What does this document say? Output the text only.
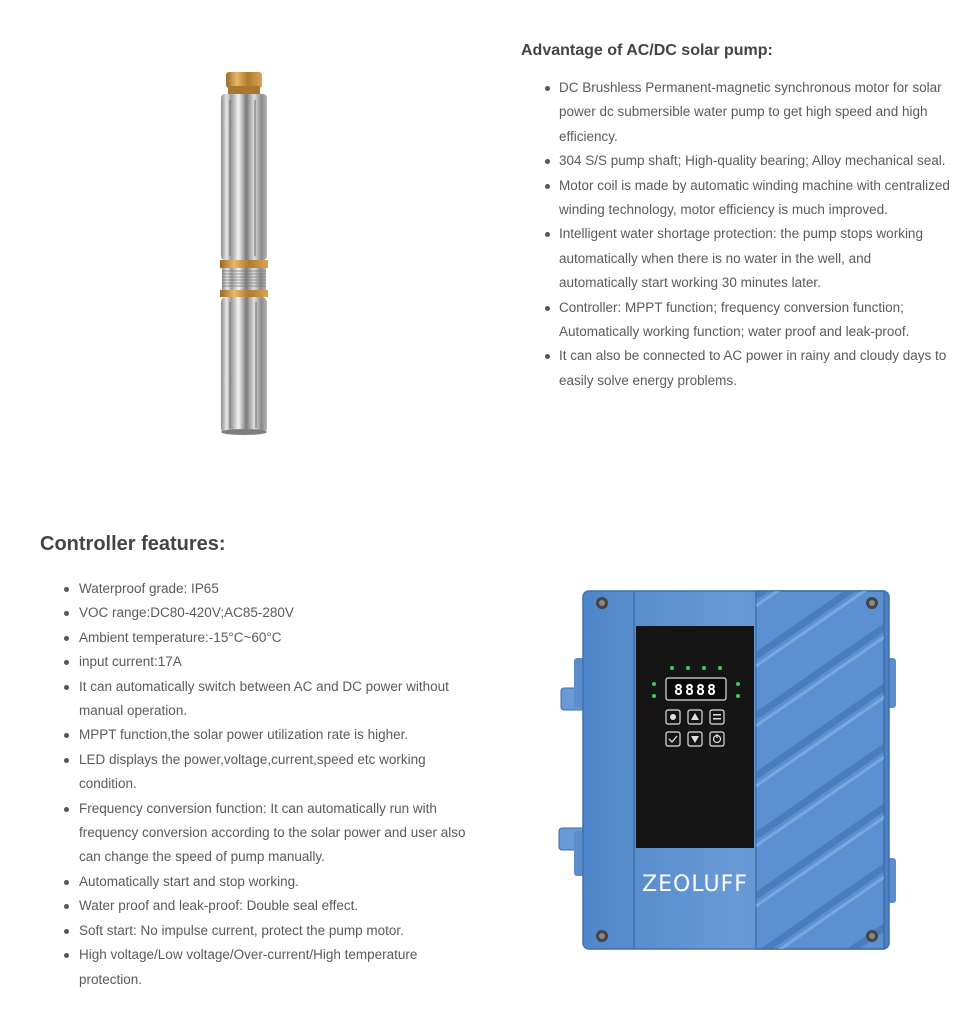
Advantage of AC/DC solar pump:
DC Brushless Permanent-magnetic synchronous motor for solar power dc submersible water pump to get high speed and high efficiency.
304 S/S pump shaft; High-quality bearing; Alloy mechanical seal.
Motor coil is made by automatic winding machine with centralized winding technology, motor efficiency is much improved.
Intelligent water shortage protection: the pump stops working automatically when there is no water in the well, and automatically start working 30 minutes later.
Controller: MPPT function; frequency conversion function; Automatically working function; water proof and leak-proof.
It can also be connected to AC power in rainy and cloudy days to easily solve energy problems.
Controller features:
Waterproof grade: IP65
VOC range:DC80-420V;AC85-280V
Ambient temperature:-15°C~60°C
input current:17A
It can automatically switch between AC and DC power without manual operation.
MPPT function,the solar power utilization rate is higher.
LED displays the power,voltage,current,speed etc working condition.
Frequency conversion function: It can automatically run with frequency conversion according to the solar power and user also can change the speed of pump manually.
Automatically start and stop working.
Water proof and leak-proof: Double seal effect.
Soft start: No impulse current, protect the pump motor.
High voltage/Low voltage/Over-current/High temperature protection.
8888
ZEOLUFF
